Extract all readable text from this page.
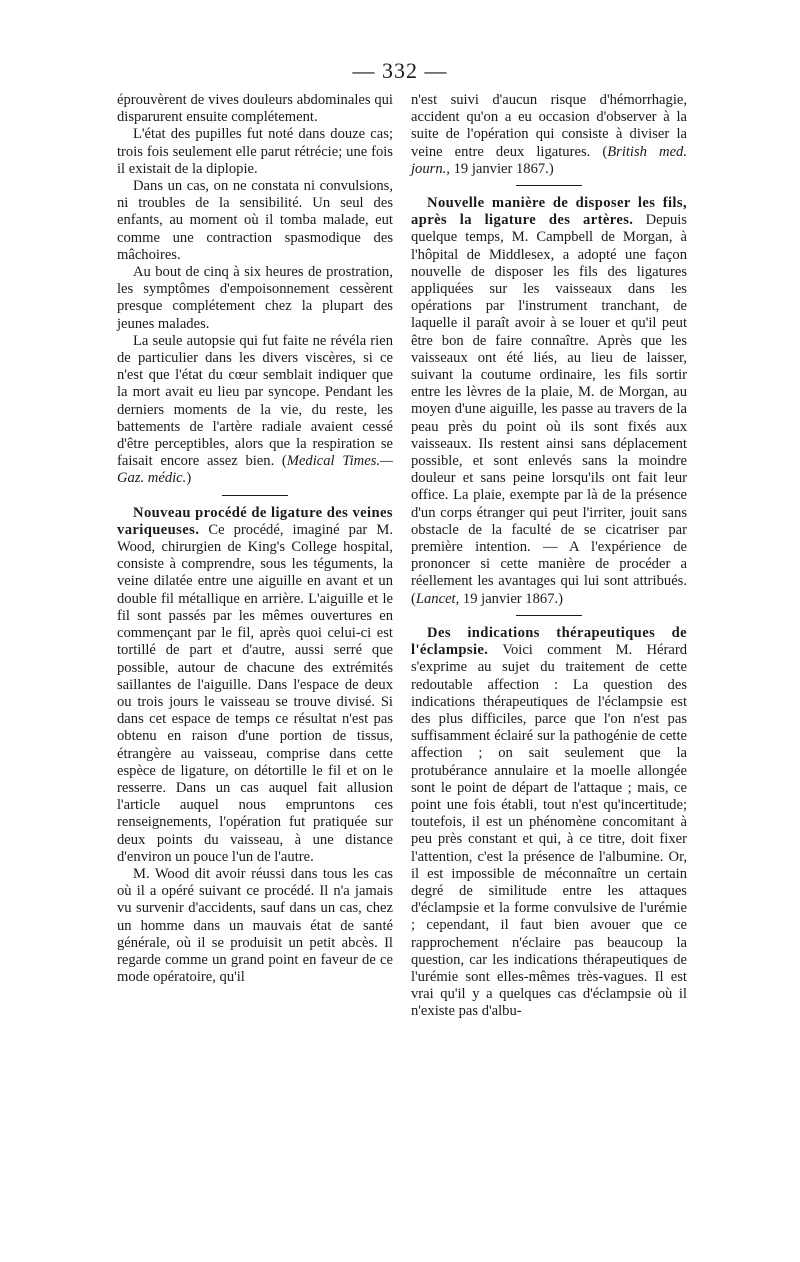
— 332 —

éprouvèrent de vives douleurs abdominales qui disparurent ensuite complétement.

L'état des pupilles fut noté dans douze cas; trois fois seulement elle parut rétrécie; une fois il existait de la diplopie.

Dans un cas, on ne constata ni convulsions, ni troubles de la sensibilité. Un seul des enfants, au moment où il tomba malade, eut comme une contraction spasmodique des mâchoires.

Au bout de cinq à six heures de prostration, les symptômes d'empoisonnement cessèrent presque complétement chez la plupart des jeunes malades.

La seule autopsie qui fut faite ne révéla rien de particulier dans les divers viscères, si ce n'est que l'état du cœur semblait indiquer que la mort avait eu lieu par syncope. Pendant les derniers moments de la vie, du reste, les battements de l'artère radiale avaient cessé d'être perceptibles, alors que la respiration se faisait encore assez bien. (Medical Times.—Gaz. médic.)

Nouveau procédé de ligature des veines variqueuses. Ce procédé, imaginé par M. Wood, chirurgien de King's College hospital, consiste à comprendre, sous les téguments, la veine dilatée entre une aiguille en avant et un double fil métallique en arrière. L'aiguille et le fil sont passés par les mêmes ouvertures en commençant par le fil, après quoi celui-ci est tortillé de part et d'autre, aussi serré que possible, autour de chacune des extrémités saillantes de l'aiguille. Dans l'espace de deux ou trois jours le vaisseau se trouve divisé. Si dans cet espace de temps ce résultat n'est pas obtenu en raison d'une portion de tissus, étrangère au vaisseau, comprise dans cette espèce de ligature, on détortille le fil et on le resserre. Dans un cas auquel fait allusion l'article auquel nous empruntons ces renseignements, l'opération fut pratiquée sur deux points du vaisseau, à une distance d'environ un pouce l'un de l'autre.

M. Wood dit avoir réussi dans tous les cas où il a opéré suivant ce procédé. Il n'a jamais vu survenir d'accidents, sauf dans un cas, chez un homme dans un mauvais état de santé générale, où il se produisit un petit abcès. Il regarde comme un grand point en faveur de ce mode opératoire, qu'il

n'est suivi d'aucun risque d'hémorrhagie, accident qu'on a eu occasion d'observer à la suite de l'opération qui consiste à diviser la veine entre deux ligatures. (British med. journ., 19 janvier 1867.)

Nouvelle manière de disposer les fils, après la ligature des artères. Depuis quelque temps, M. Campbell de Morgan, à l'hôpital de Middlesex, a adopté une façon nouvelle de disposer les fils des ligatures appliquées sur les vaisseaux dans les opérations par l'instrument tranchant, de laquelle il paraît avoir à se louer et qu'il peut être bon de faire connaître. Après que les vaisseaux ont été liés, au lieu de laisser, suivant la coutume ordinaire, les fils sortir entre les lèvres de la plaie, M. de Morgan, au moyen d'une aiguille, les passe au travers de la peau près du point où ils sont fixés aux vaisseaux. Ils restent ainsi sans déplacement possible, et sont enlevés sans la moindre douleur et sans peine lorsqu'ils ont fait leur office. La plaie, exempte par là de la présence d'un corps étranger qui peut l'irriter, jouit sans obstacle de la faculté de se cicatriser par première intention. — A l'expérience de prononcer si cette manière de procéder a réellement les avantages qui lui sont attribués. (Lancet, 19 janvier 1867.)

Des indications thérapeutiques de l'éclampsie. Voici comment M. Hérard s'exprime au sujet du traitement de cette redoutable affection : La question des indications thérapeutiques de l'éclampsie est des plus difficiles, parce que l'on n'est pas suffisamment éclairé sur la pathogénie de cette affection ; on sait seulement que la protubérance annulaire et la moelle allongée sont le point de départ de l'attaque ; mais, ce point une fois établi, tout n'est qu'incertitude; toutefois, il est un phénomène concomitant à peu près constant et qui, à ce titre, doit fixer l'attention, c'est la présence de l'albumine. Or, il est impossible de méconnaître un certain degré de similitude entre les attaques d'éclampsie et la forme convulsive de l'urémie ; cependant, il faut bien avouer que ce rapprochement n'éclaire pas beaucoup la question, car les indications thérapeutiques de l'urémie sont elles-mêmes très-vagues. Il est vrai qu'il y a quelques cas d'éclampsie où il n'existe pas d'albu-
